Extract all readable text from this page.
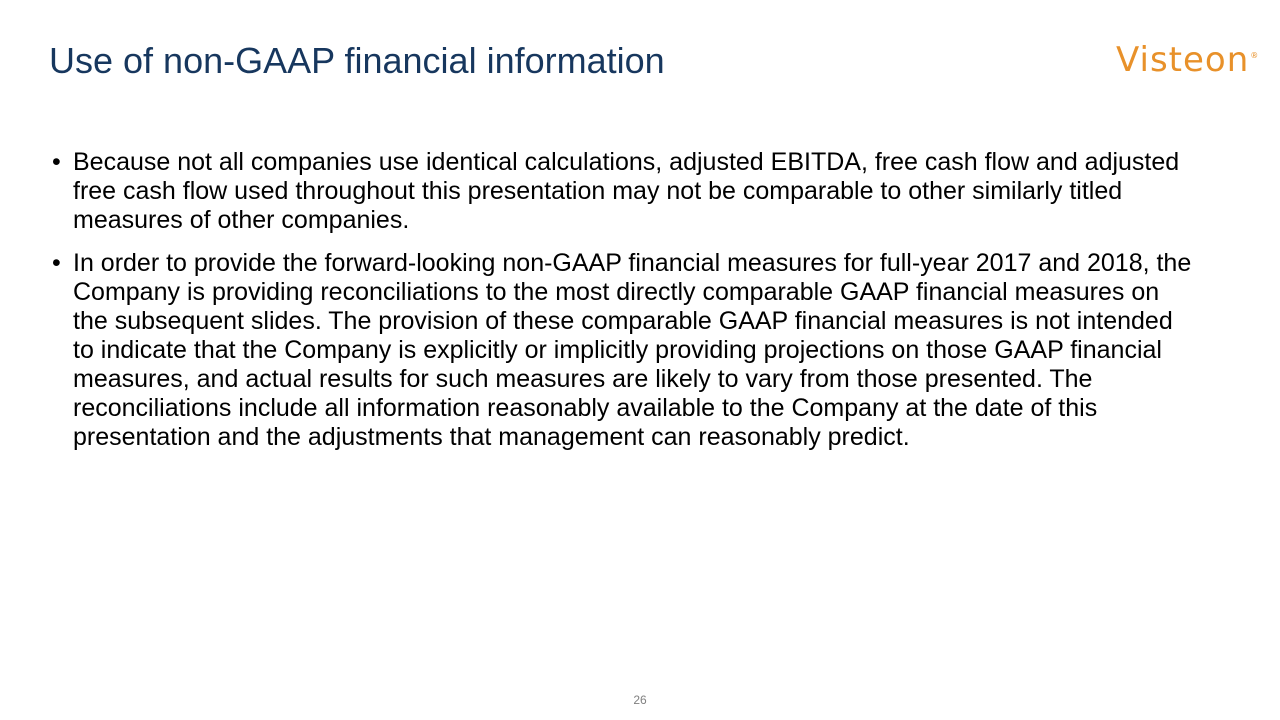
Use of non-GAAP financial information	Visteon ®
• Because not all companies use identical calculations, adjusted EBITDA, free cash flow and adjusted free cash flow used throughout this presentation may not be comparable to other similarly titled measures of other companies.
• In order to provide the forward-looking non-GAAP financial measures for full-year 2017 and 2018, the Company is providing reconciliations to the most directly comparable GAAP financial measures on the subsequent slides. The provision of these comparable GAAP financial measures is not intended to indicate that the Company is explicitly or implicitly providing projections on those GAAP financial measures, and actual results for such measures are likely to vary from those presented. The reconciliations include all information reasonably available to the Company at the date of this presentation and the adjustments that management can reasonably predict.
26
